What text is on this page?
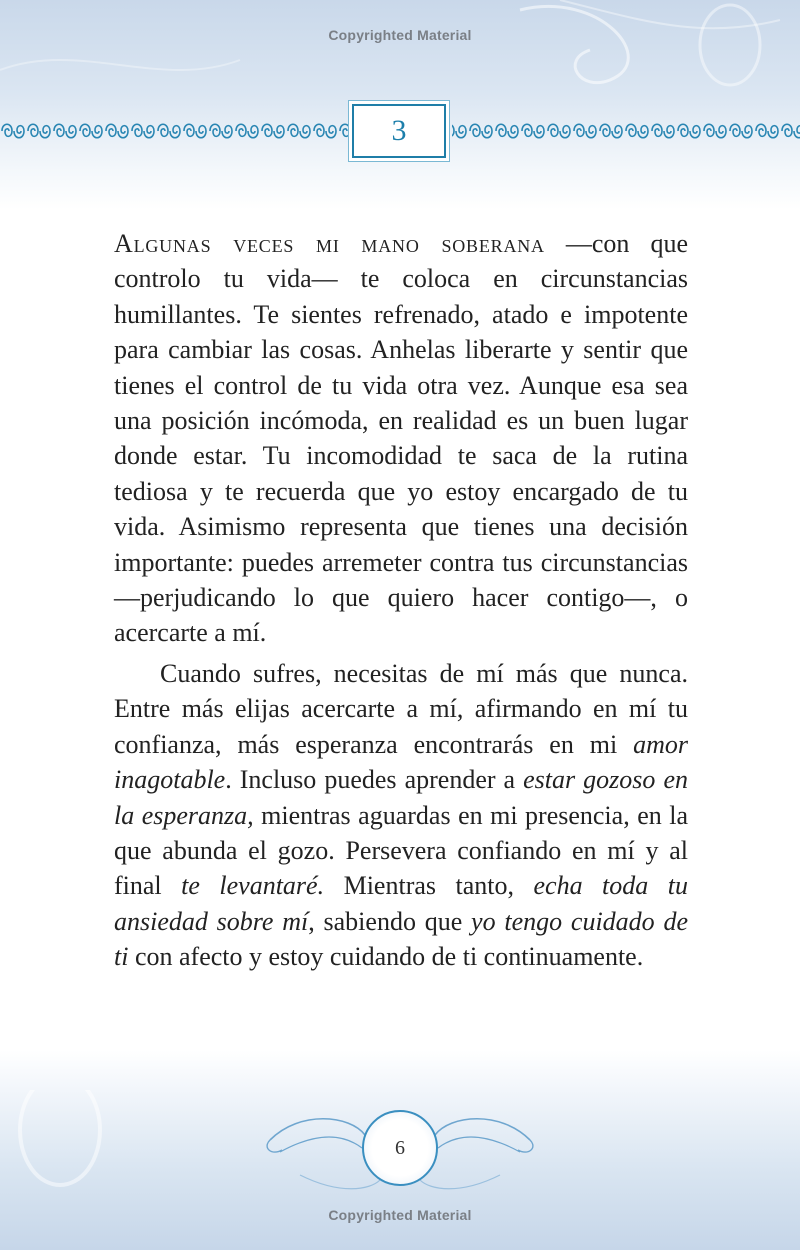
Copyrighted Material
3

Algunas veces mi mano soberana —con que controlo tu vida— te coloca en circunstancias humillantes. Te sientes refrenado, atado e impotente para cambiar las cosas. Anhelas liberarte y sentir que tienes el control de tu vida otra vez. Aunque esa sea una posición incómoda, en realidad es un buen lugar donde estar. Tu incomodidad te saca de la rutina tediosa y te recuerda que yo estoy encargado de tu vida. Asimismo representa que tienes una decisión importante: puedes arremeter contra tus circunstancias —perjudicando lo que quiero hacer contigo—, o acercarte a mí.

Cuando sufres, necesitas de mí más que nunca. Entre más elijas acercarte a mí, afirmando en mí tu confianza, más esperanza encontrarás en mi amor inagotable. Incluso puedes aprender a estar gozoso en la esperanza, mientras aguardas en mi presencia, en la que abunda el gozo. Persevera confiando en mí y al final te levantaré. Mientras tanto, echa toda tu ansiedad sobre mí, sabiendo que yo tengo cuidado de ti con afecto y estoy cuidando de ti continuamente.

6
Copyrighted Material
